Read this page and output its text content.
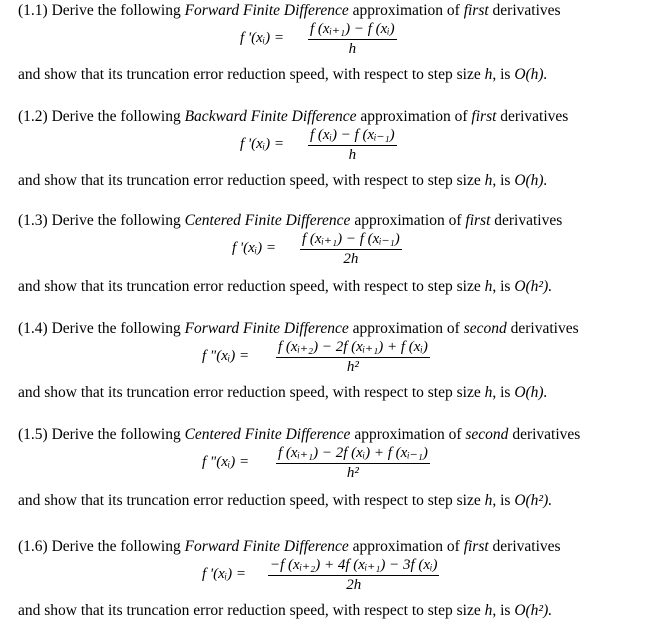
(1.1) Derive the following Forward Finite Difference approximation of first derivatives
f '(xᵢ) =
f (xᵢ₊₁) − f (xᵢ)
h
and show that its truncation error reduction speed, with respect to step size h, is O(h).
(1.2) Derive the following Backward Finite Difference approximation of first derivatives
f '(xᵢ) =
f (xᵢ) − f (xᵢ₋₁)
h
and show that its truncation error reduction speed, with respect to step size h, is O(h).
(1.3) Derive the following Centered Finite Difference approximation of first derivatives
f '(xᵢ) =
f (xᵢ₊₁) − f (xᵢ₋₁)
2h
and show that its truncation error reduction speed, with respect to step size h, is O(h²).
(1.4) Derive the following Forward Finite Difference approximation of second derivatives
f "(xᵢ) =
f (xᵢ₊₂) − 2f (xᵢ₊₁) + f (xᵢ)
h²
and show that its truncation error reduction speed, with respect to step size h, is O(h).
(1.5) Derive the following Centered Finite Difference approximation of second derivatives
f "(xᵢ) =
f (xᵢ₊₁) − 2f (xᵢ) + f (xᵢ₋₁)
h²
and show that its truncation error reduction speed, with respect to step size h, is O(h²).
(1.6) Derive the following Forward Finite Difference approximation of first derivatives
f '(xᵢ) =
−f (xᵢ₊₂) + 4f (xᵢ₊₁) − 3f (xᵢ)
2h
and show that its truncation error reduction speed, with respect to step size h, is O(h²).
